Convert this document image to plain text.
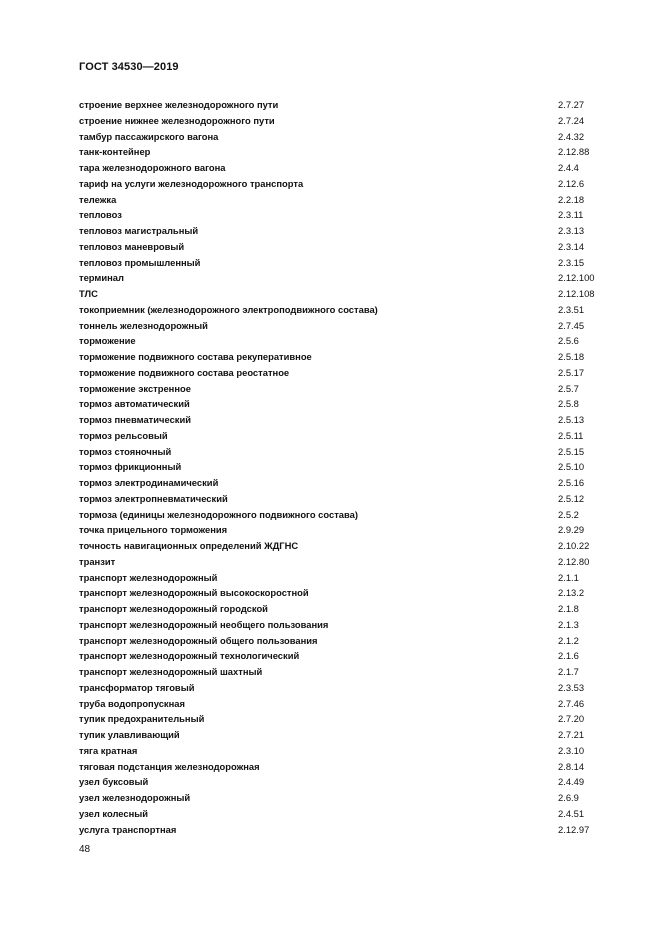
ГОСТ 34530—2019
строение верхнее железнодорожного пути	2.7.27
строение нижнее железнодорожного пути	2.7.24
тамбур пассажирского вагона	2.4.32
танк-контейнер	2.12.88
тара железнодорожного вагона	2.4.4
тариф на услуги железнодорожного транспорта	2.12.6
тележка	2.2.18
тепловоз	2.3.11
тепловоз магистральный	2.3.13
тепловоз маневровый	2.3.14
тепловоз промышленный	2.3.15
терминал	2.12.100
ТЛС	2.12.108
токоприемник (железнодорожного электроподвижного состава)	2.3.51
тоннель железнодорожный	2.7.45
торможение	2.5.6
торможение подвижного состава рекуперативное	2.5.18
торможение подвижного состава реостатное	2.5.17
торможение экстренное	2.5.7
тормоз автоматический	2.5.8
тормоз пневматический	2.5.13
тормоз рельсовый	2.5.11
тормоз стояночный	2.5.15
тормоз фрикционный	2.5.10
тормоз электродинамический	2.5.16
тормоз электропневматический	2.5.12
тормоза (единицы железнодорожного подвижного состава)	2.5.2
точка прицельного торможения	2.9.29
точность навигационных определений ЖДГНС	2.10.22
транзит	2.12.80
транспорт железнодорожный	2.1.1
транспорт железнодорожный высокоскоростной	2.13.2
транспорт железнодорожный городской	2.1.8
транспорт железнодорожный необщего пользования	2.1.3
транспорт железнодорожный общего пользования	2.1.2
транспорт железнодорожный технологический	2.1.6
транспорт железнодорожный шахтный	2.1.7
трансформатор тяговый	2.3.53
труба водопропускная	2.7.46
тупик предохранительный	2.7.20
тупик улавливающий	2.7.21
тяга кратная	2.3.10
тяговая подстанция железнодорожная	2.8.14
узел буксовый	2.4.49
узел железнодорожный	2.6.9
узел колесный	2.4.51
услуга транспортная	2.12.97
48
